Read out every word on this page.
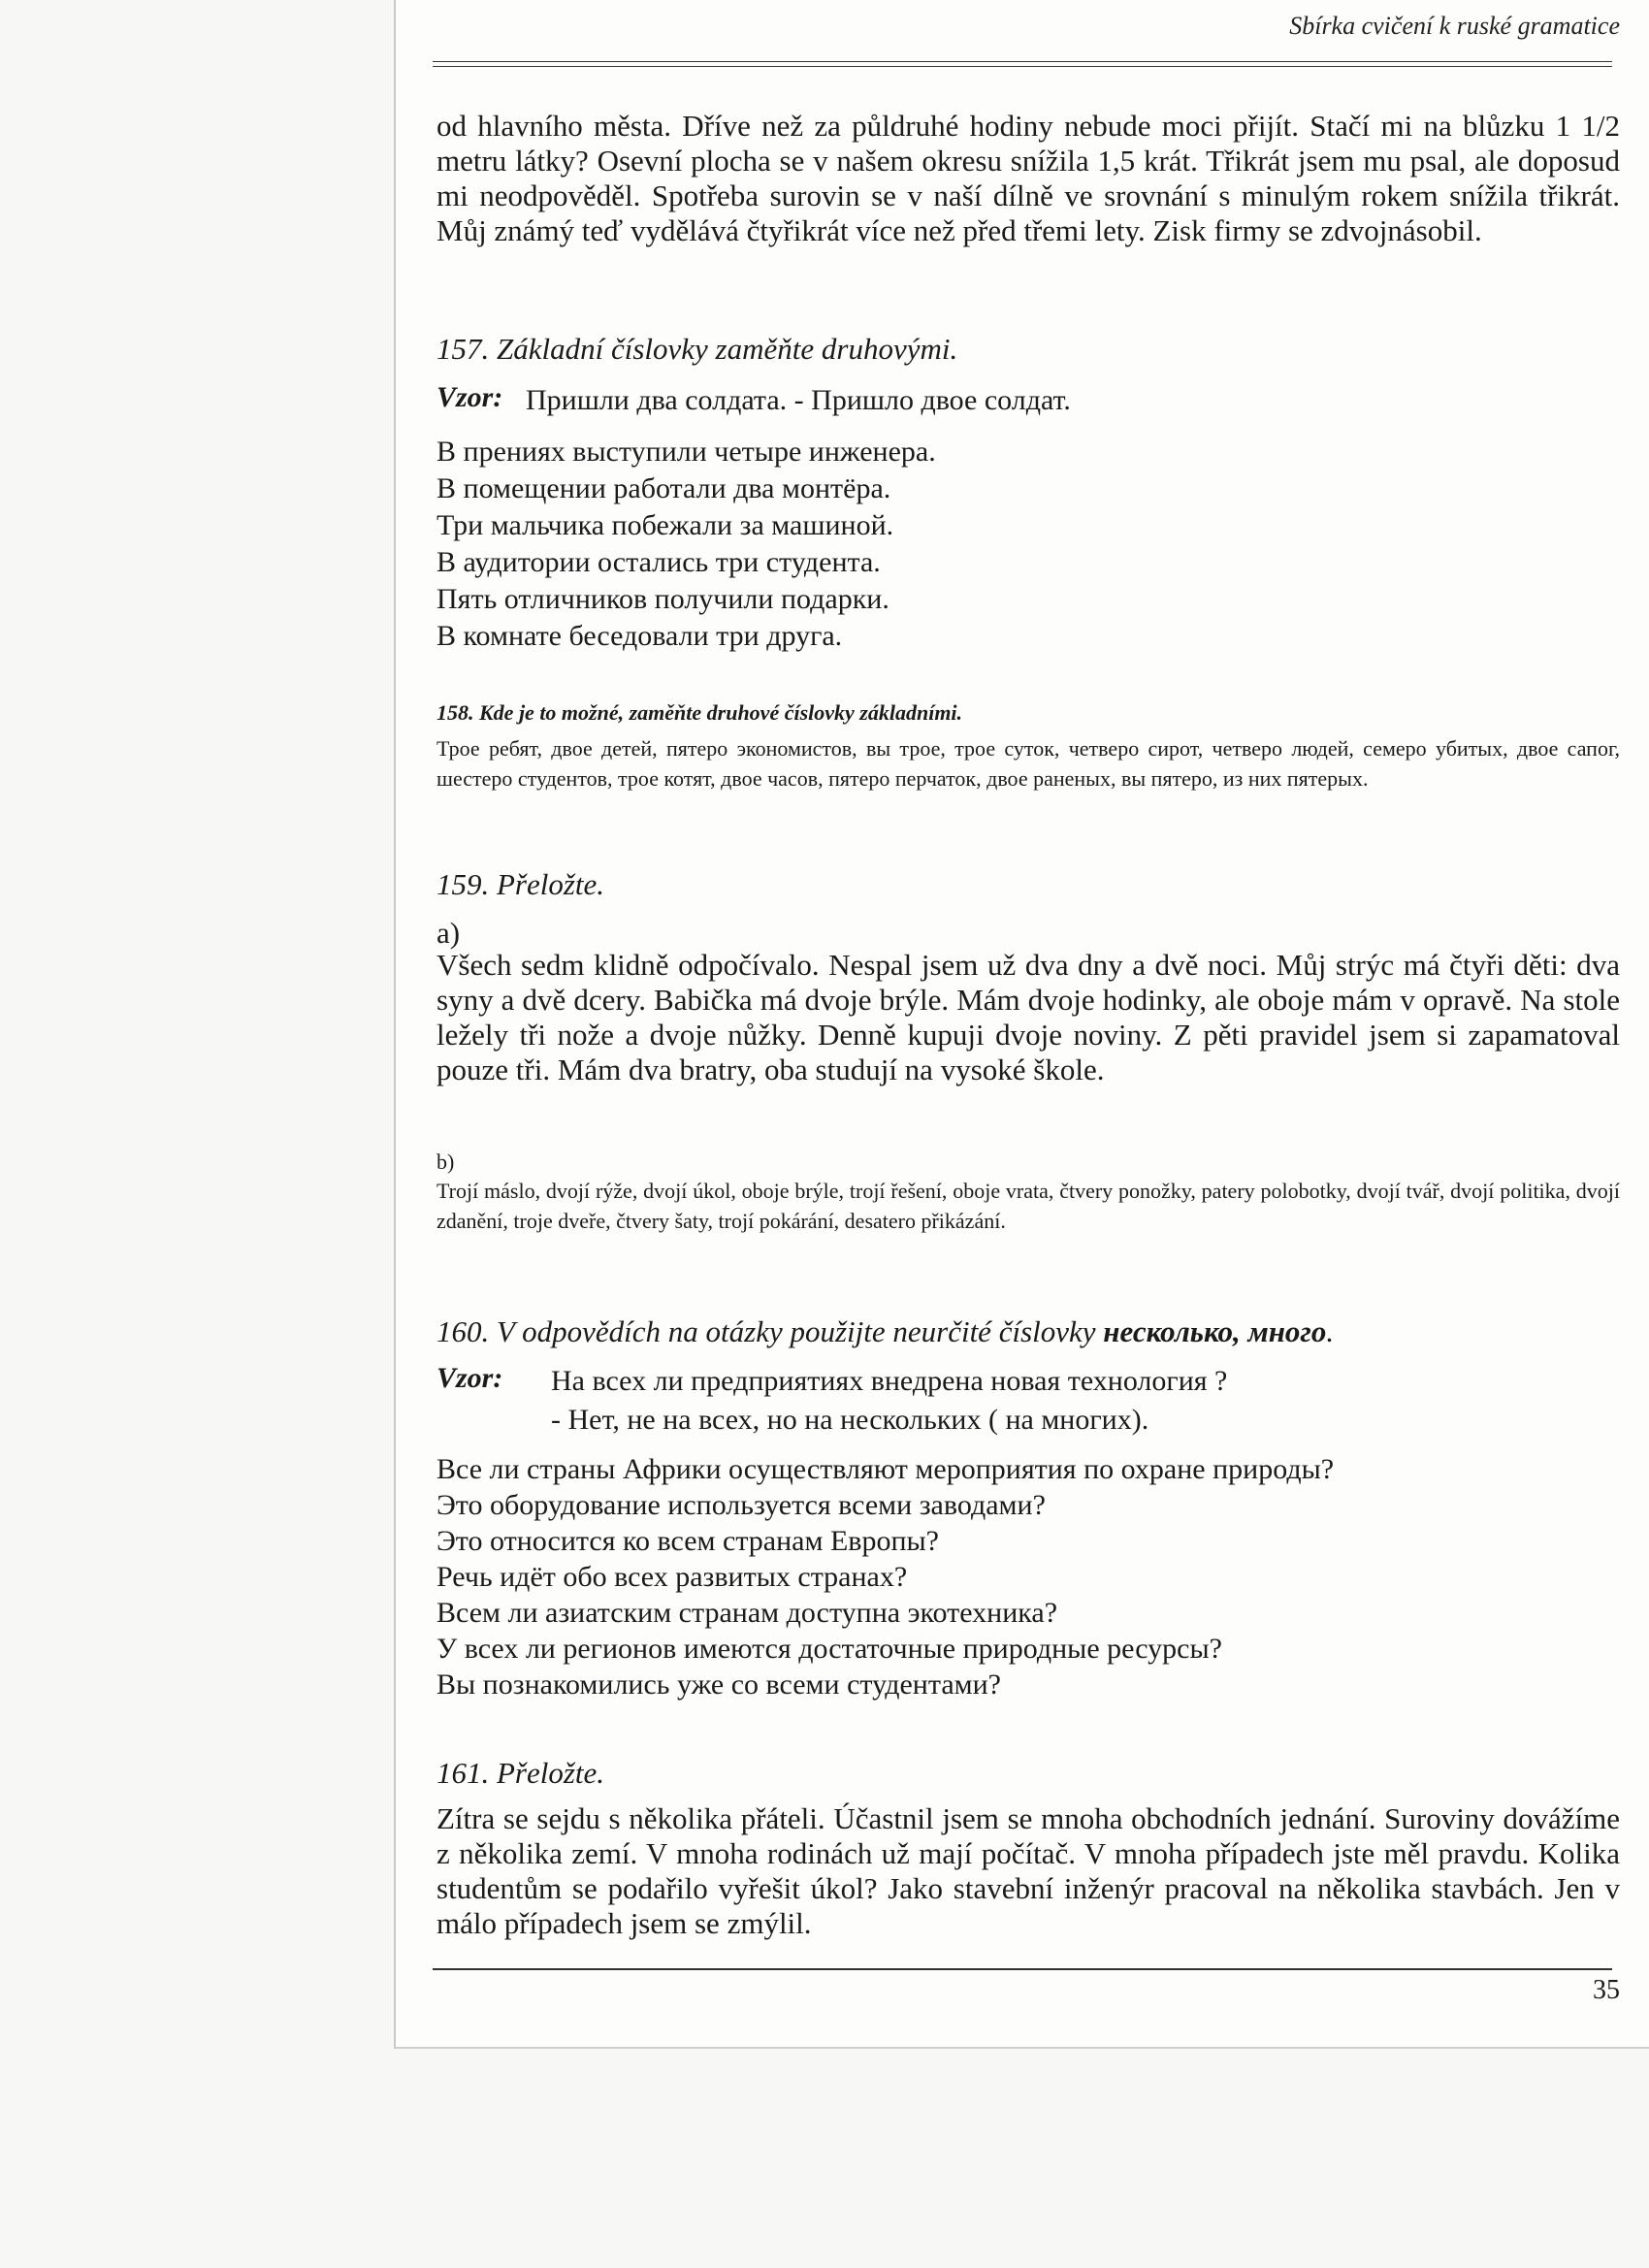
Sbírka cvičení k ruské gramatice

od hlavního města. Dříve než za půldruhé hodiny nebude moci přijít. Stačí mi na blůzku 1 1/2 metru látky? Osevní plocha se v našem okresu snížila 1,5 krát. Třikrát jsem mu psal, ale doposud mi neodpověděl. Spotřeba surovin se v naší dílně ve srovnání s minulým rokem snížila třikrát. Můj známý teď vydělává čtyřikrát více než před třemi lety. Zisk firmy se zdvojnásobil.

157. Základní číslovky zaměňte druhovými.
Vzor: Пришли два солдата. - Пришло двое солдат.
В прениях выступили четыре инженера.
В помещении работали два монтёра.
Три мальчика побежали за машиной.
В аудитории остались три студента.
Пять отличников получили подарки.
В комнате беседовали три друга.
158. Kde je to možné, zaměňte druhové číslovky základními.

Трое ребят, двое детей, пятеро экономистов, вы трое, трое суток, четверо сирот, четверо людей, семеро убитых, двое сапог, шестеро студентов, трое котят, двое часов, пятеро перчаток, двое раненых, вы пятеро, из них пятерых.

159. Přeložte.
a)

Všech sedm klidně odpočívalo. Nespal jsem už dva dny a dvě noci. Můj strýc má čtyři děti: dva syny a dvě dcery. Babička má dvoje brýle. Mám dvoje hodinky, ale oboje mám v opravě. Na stole ležely tři nože a dvoje nůžky. Denně kupuji dvoje noviny. Z pěti pravidel jsem si zapamatoval pouze tři. Mám dva bratry, oba studují na vysoké škole.

b)

Trojí máslo, dvojí rýže, dvojí úkol, oboje brýle, trojí řešení, oboje vrata, čtvery ponožky, patery polobotky, dvojí tvář, dvojí politika, dvojí zdanění, troje dveře, čtvery šaty, trojí pokárání, desatero přikázání.

160. V odpovědích na otázky použijte neurčité číslovky несколько, много.
Vzor:	На всех ли предприятиях внедрена новая технология ?
- Нет, не на всех, но на нескольких ( на многих).
Все ли страны Африки осуществляют мероприятия по охране природы?
Это оборудование используется всеми заводами?
Это относится ко всем странам Европы?
Речь идёт обо всех развитых странах?
Всем ли азиатским странам доступна экотехника?
У всех ли регионов имеются достаточные природные ресурсы?
Вы познакомились уже со всеми студентами?
161. Přeložte.

Zítra se sejdu s několika přáteli. Účastnil jsem se mnoha obchodních jednání. Suroviny dovážíme z několika zemí. V mnoha rodinách už mají počítač. V mnoha případech jste měl pravdu. Kolika studentům se podařilo vyřešit úkol? Jako stavební inženýr pracoval na několika stavbách. Jen v málo případech jsem se zmýlil.

35
